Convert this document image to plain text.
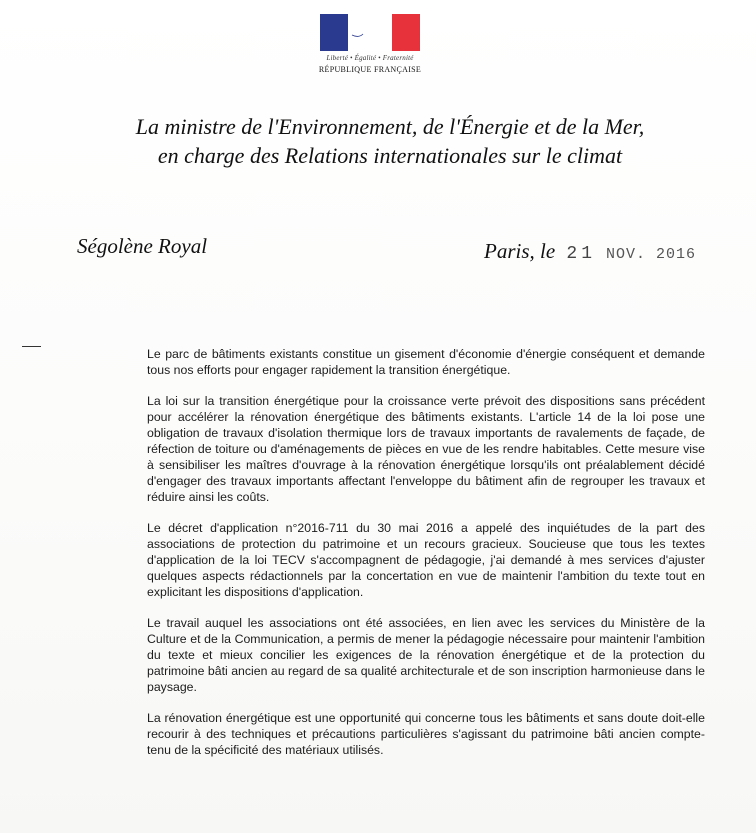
Liberté • Égalité • Fraternité
RÉPUBLIQUE FRANÇAISE
La ministre de l'Environnement, de l'Énergie et de la Mer,
en charge des Relations internationales sur le climat
Ségolène Royal	Paris, le 21 NOV. 2016

Le parc de bâtiments existants constitue un gisement d'économie d'énergie conséquent et demande tous nos efforts pour engager rapidement la transition énergétique.

La loi sur la transition énergétique pour la croissance verte prévoit des dispositions sans précédent pour accélérer la rénovation énergétique des bâtiments existants. L'article 14 de la loi pose une obligation de travaux d'isolation thermique lors de travaux importants de ravalements de façade, de réfection de toiture ou d'aménagements de pièces en vue de les rendre habitables. Cette mesure vise à sensibiliser les maîtres d'ouvrage à la rénovation énergétique lorsqu'ils ont préalablement décidé d'engager des travaux importants affectant l'enveloppe du bâtiment afin de regrouper les travaux et réduire ainsi les coûts.

Le décret d'application n°2016-711 du 30 mai 2016 a appelé des inquiétudes de la part des associations de protection du patrimoine et un recours gracieux. Soucieuse que tous les textes d'application de la loi TECV s'accompagnent de pédagogie, j'ai demandé à mes services d'ajuster quelques aspects rédactionnels par la concertation en vue de maintenir l'ambition du texte tout en explicitant les dispositions d'application.

Le travail auquel les associations ont été associées, en lien avec les services du Ministère de la Culture et de la Communication, a permis de mener la pédagogie nécessaire pour maintenir l'ambition du texte et mieux concilier les exigences de la rénovation énergétique et de la protection du patrimoine bâti ancien au regard de sa qualité architecturale et de son inscription harmonieuse dans le paysage.

La rénovation énergétique est une opportunité qui concerne tous les bâtiments et sans doute doit-elle recourir à des techniques et précautions particulières s'agissant du patrimoine bâti ancien compte-tenu de la spécificité des matériaux utilisés.
